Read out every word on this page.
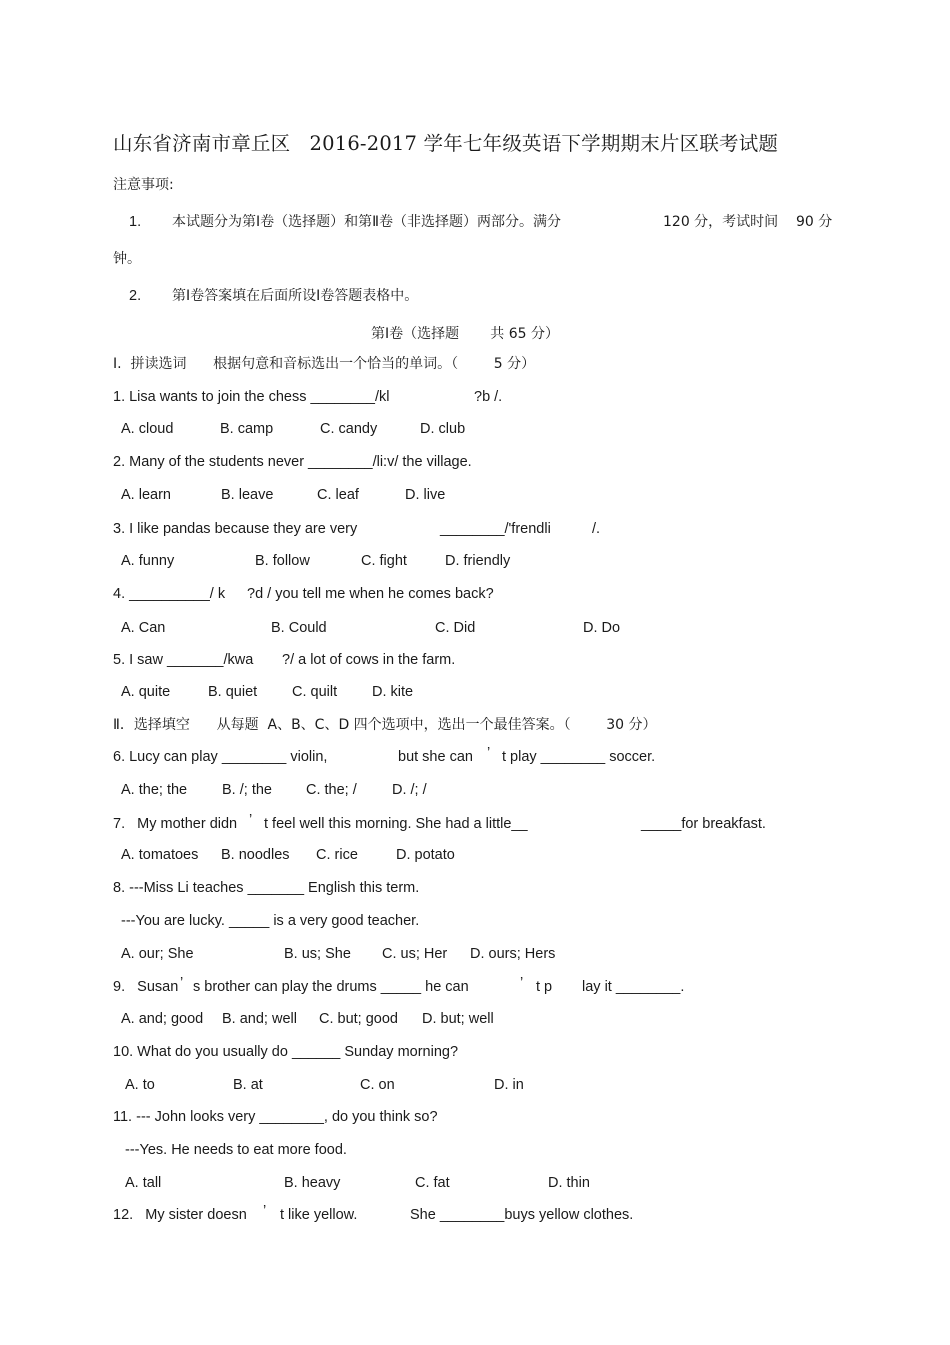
山东省济南市章丘区   2016-2017 学年七年级英语下学期期末片区联考试题
注意事项:
1. 本试题分为第Ⅰ卷（选择题）和第Ⅱ卷（非选择题）两部分。满分	120 分，考试时间    90 分
钟。
2. 第Ⅰ卷答案填在后面所设Ⅰ卷答题表格中。
第Ⅰ卷（选择题       共 65 分）
I.  拼读选词      根据句意和音标选出一个恰当的单词。（        5 分）
1. Lisa wants to join the chess ________/kl	?b /.
A. cloud	B. camp	C. candy	D. club
2. Many of the students never ________/li:v/ the village.
A. learn	B. leave	C. leaf	D. live
3. I like pandas because they are very	________/'frendli	/.
A. funny	B. follow	C. fight	D. friendly
4. __________/ k ?d / you tell me when he comes back?
A. Can	B. Could	C. Did	D. Do
5. I saw _______/kwa ?/ a lot of cows in the farm.
A. quite	B. quiet C. quilt D. kite
Ⅱ．选择填空      从每题  A、B、C、D 四个选项中，选出一个最佳答案。（        30 分）
6. Lucy can play ________ violin,	but she can ’ t play ________ soccer.
A. the; the B. /; the C. the; / D. /; /
7.   My mother didn ’ t feel well this morning. She had a little__	_____for breakfast.
A. tomatoes B. noodles C. rice	D. potato
8. ---Miss Li teaches _______ English this term.
---You are lucky. _____ is a very good teacher.
A. our; She	B. us; She C. us; Her D. ours; Hers
9.   Susan ’ s brother can play the drums _____ he can	’ t p lay it ________.
A. and; good B. and; well C. but; good D. but; well
10. What do you usually do ______ Sunday morning?
A. to	B. at	C. on	D. in
11. --- John looks very ________, do you think so?
---Yes. He needs to eat more food.
A. tall	B. heavy	C. fat	D. thin
12.   My sister doesn ’ t like yellow.	She ________buys yellow clothes.
